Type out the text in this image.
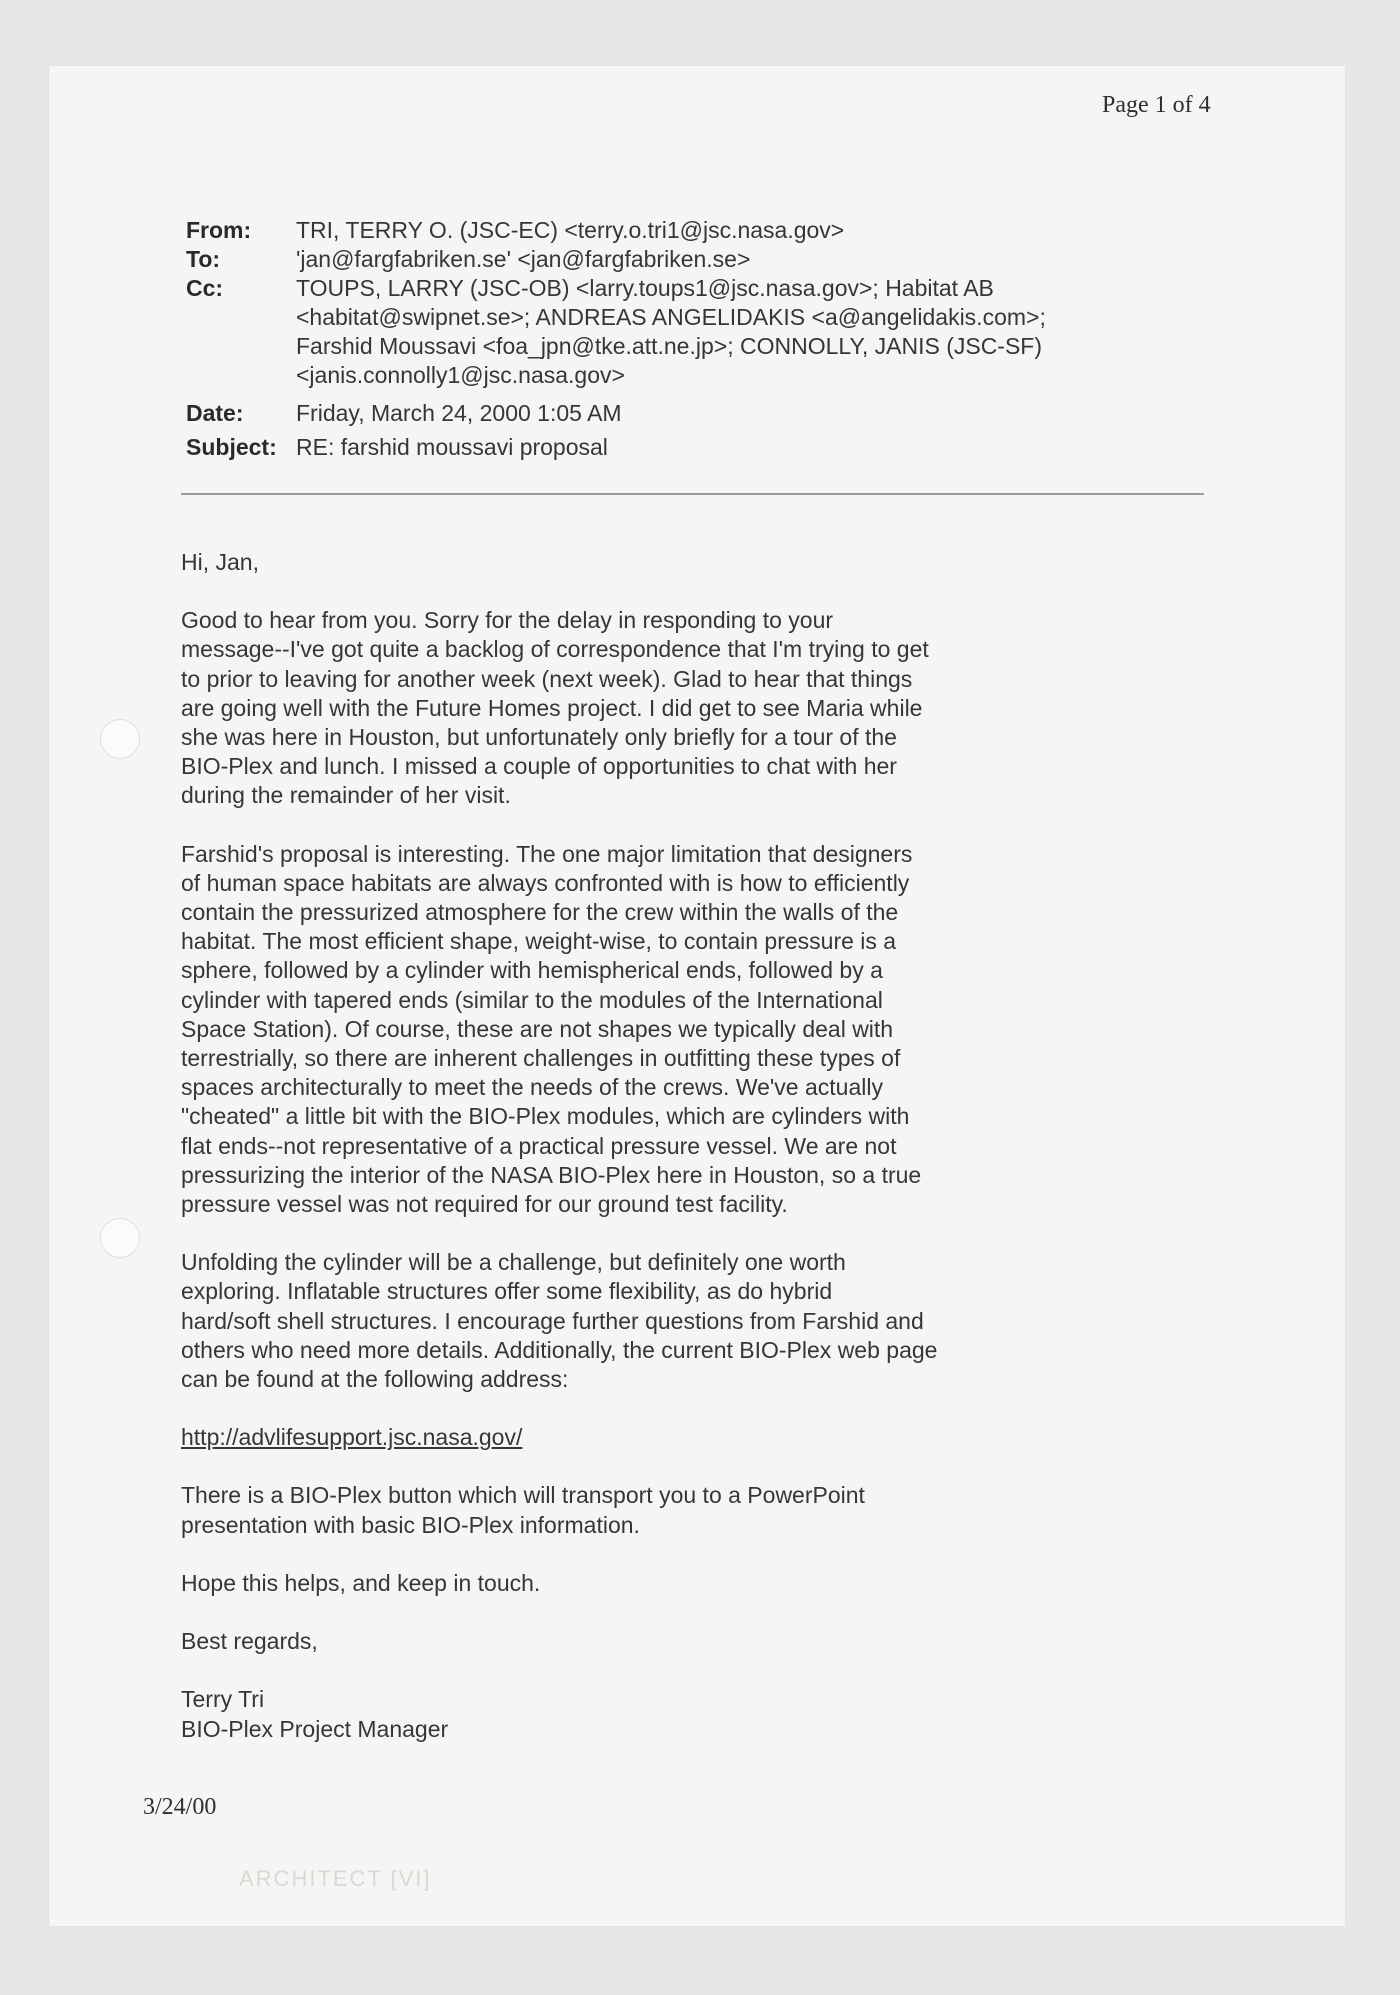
Page 1 of 4
From:	TRI, TERRY O. (JSC-EC) <terry.o.tri1@jsc.nasa.gov>
To:	'jan@fargfabriken.se' <jan@fargfabriken.se>
Cc:	TOUPS, LARRY (JSC-OB) <larry.toups1@jsc.nasa.gov>; Habitat AB
<habitat@swipnet.se>; ANDREAS ANGELIDAKIS <a@angelidakis.com>;
Farshid Moussavi <foa_jpn@tke.att.ne.jp>; CONNOLLY, JANIS (JSC-SF)
<janis.connolly1@jsc.nasa.gov>
Date:	Friday, March 24, 2000 1:05 AM
Subject: RE: farshid moussavi proposal

Hi, Jan,

Good to hear from you. Sorry for the delay in responding to your
message--I've got quite a backlog of correspondence that I'm trying to get
to prior to leaving for another week (next week). Glad to hear that things
are going well with the Future Homes project. I did get to see Maria while
she was here in Houston, but unfortunately only briefly for a tour of the
BIO-Plex and lunch. I missed a couple of opportunities to chat with her
during the remainder of her visit.

Farshid's proposal is interesting. The one major limitation that designers
of human space habitats are always confronted with is how to efficiently
contain the pressurized atmosphere for the crew within the walls of the
habitat. The most efficient shape, weight-wise, to contain pressure is a
sphere, followed by a cylinder with hemispherical ends, followed by a
cylinder with tapered ends (similar to the modules of the International
Space Station). Of course, these are not shapes we typically deal with
terrestrially, so there are inherent challenges in outfitting these types of
spaces architecturally to meet the needs of the crews. We've actually
"cheated" a little bit with the BIO-Plex modules, which are cylinders with
flat ends--not representative of a practical pressure vessel. We are not
pressurizing the interior of the NASA BIO-Plex here in Houston, so a true
pressure vessel was not required for our ground test facility.

Unfolding the cylinder will be a challenge, but definitely one worth
exploring. Inflatable structures offer some flexibility, as do hybrid
hard/soft shell structures. I encourage further questions from Farshid and
others who need more details. Additionally, the current BIO-Plex web page
can be found at the following address:

http://advlifesupport.jsc.nasa.gov/

There is a BIO-Plex button which will transport you to a PowerPoint
presentation with basic BIO-Plex information.

Hope this helps, and keep in touch.

Best regards,

Terry Tri
BIO-Plex Project Manager

3/24/00
ARCHITECT [VI]
